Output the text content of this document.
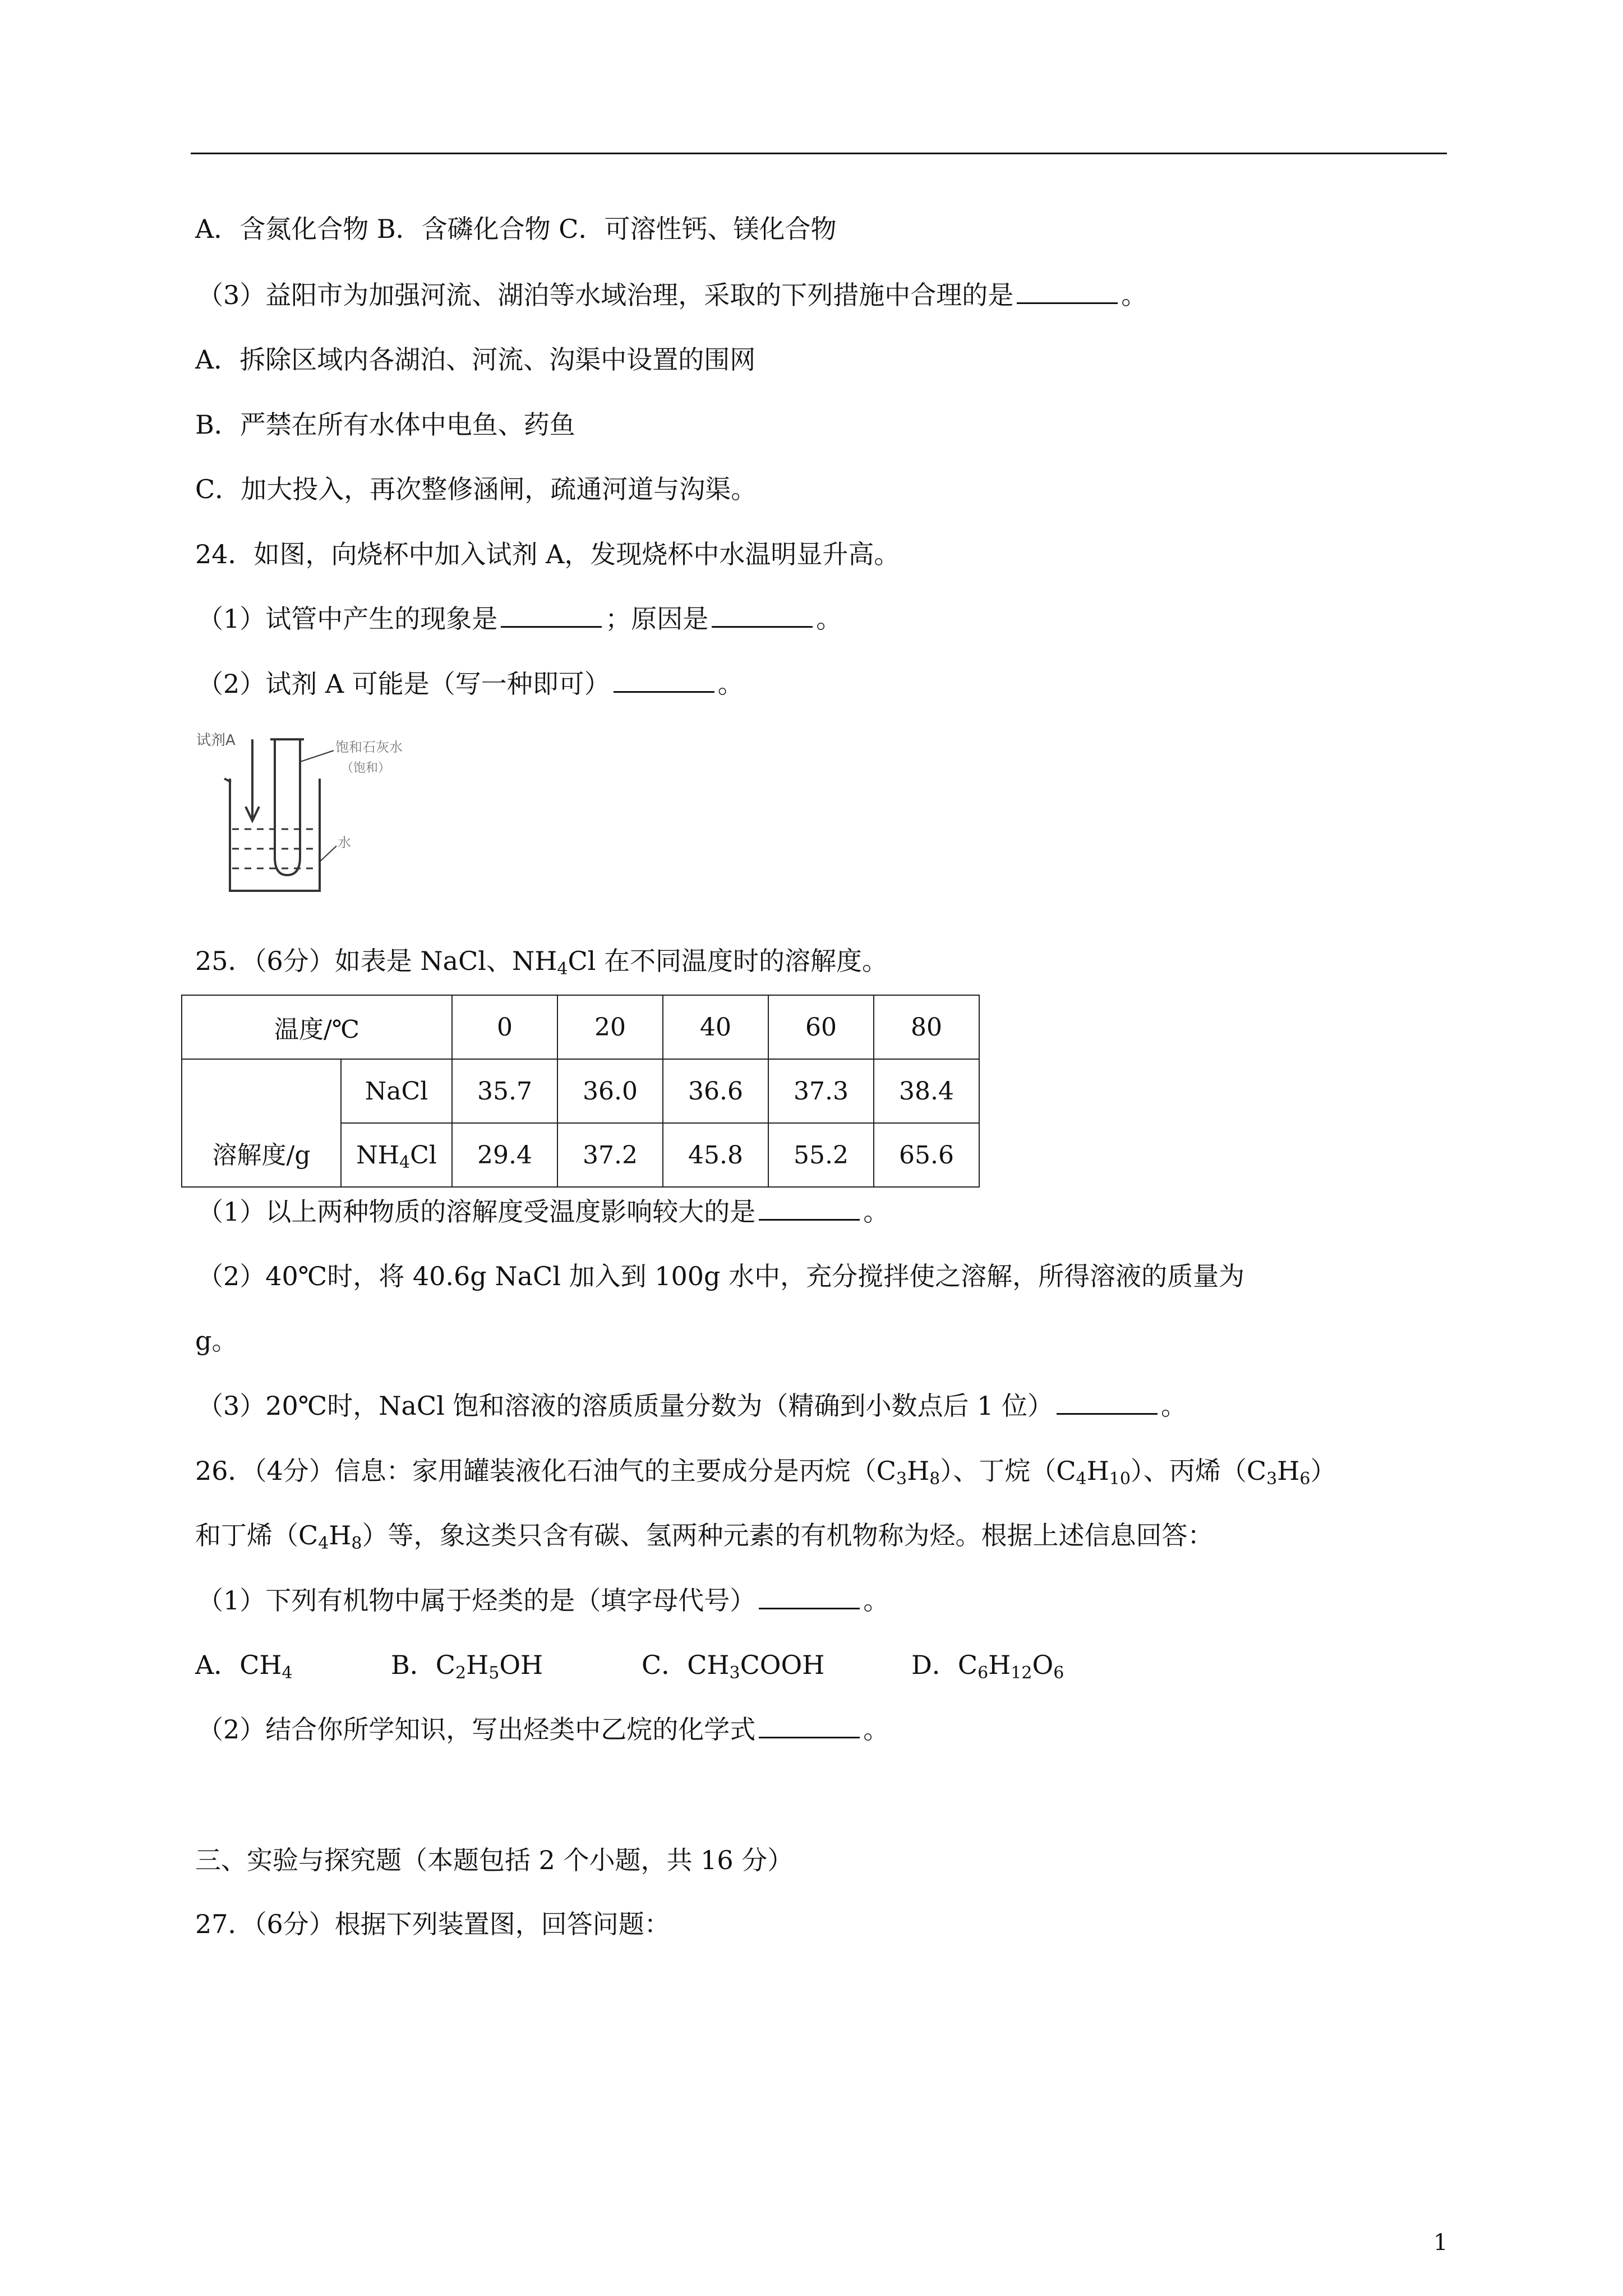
A．含氮化合物 B．含磷化合物 C．可溶性钙、镁化合物
（3）益阳市为加强河流、湖泊等水域治理，采取的下列措施中合理的是	。
A．拆除区域内各湖泊、河流、沟渠中设置的围网
B．严禁在所有水体中电鱼、药鱼
C．加大投入，再次整修涵闸，疏通河道与沟渠。
24．如图，向烧杯中加入试剂 A，发现烧杯中水温明显升高。
（1）试管中产生的现象是	；原因是	。
（2）试剂 A 可能是（写一种即可）	。
试剂A	饱和石灰水
（饱和）
水
25．（6分）如表是 NaCl、$NH_4Cl$ 在不同温度时的溶解度。
温度/℃		0	20	40	60	80
溶解度/g	NaCl	35.7	36.0	36.6	37.3	38.4
	$NH_4Cl$	29.4	37.2	45.8	55.2	65.6
（1）以上两种物质的溶解度受温度影响较大的是	。
（2）40℃时，将 40.6g NaCl 加入到 100g 水中，充分搅拌使之溶解，所得溶液的质量为
g。
（3）20℃时，NaCl 饱和溶液的溶质质量分数为（精确到小数点后 1 位）	。
26．（4分）信息：家用罐装液化石油气的主要成分是丙烷$(C_3H_8)$、丁烷$(C_4H_{10})$、丙烯$(C_3H_6)$
和丁烯$(C_4H_8)$等，象这类只含有碳、氢两种元素的有机物称为烃。根据上述信息回答：
（1）下列有机物中属于烃类的是（填字母代号）	。
A．$CH_4$	B．$C_2H_5OH$	C．$CH_3COOH$	D．$C_6H_{12}O_6$
（2）结合你所学知识，写出烃类中乙烷的化学式	。
三、实验与探究题（本题包括 2 个小题，共 16 分）
27．（6分）根据下列装置图，回答问题：
1
